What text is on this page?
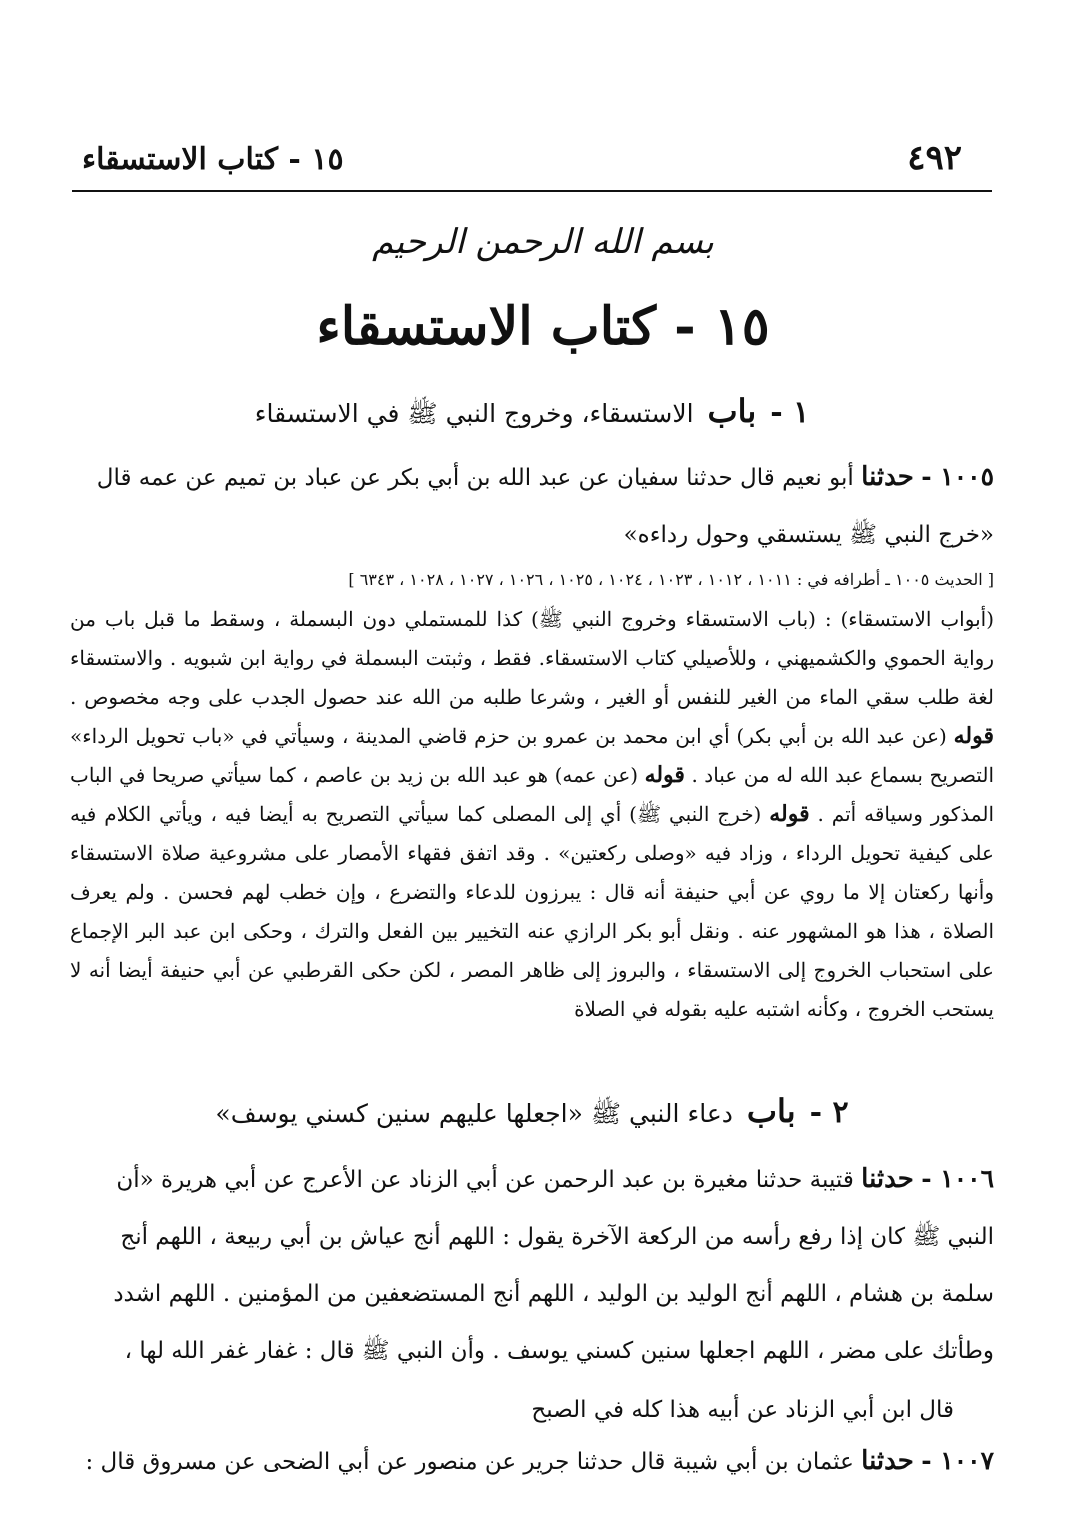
٤٩٢
١٥ - كتاب الاستسقاء
بسم الله الرحمن الرحيم
١٥ - كتاب الاستسقاء
١ - باب الاستسقاء، وخروج النبي ﷺ في الاستسقاء
١٠٠٥ - حدثنا أبو نعيم قال حدثنا سفيان عن عبد الله بن أبي بكر عن عباد بن تميم عن عمه قال «خرج النبي ﷺ يستسقي وحول رداءه»
[ الحديث ١٠٠٥ ـ أطرافه في : ١٠١١ ، ١٠١٢ ، ١٠٢٣ ، ١٠٢٤ ، ١٠٢٥ ، ١٠٢٦ ، ١٠٢٧ ، ١٠٢٨ ، ٦٣٤٣ ]
(أبواب الاستسقاء) : (باب الاستسقاء وخروج النبي ﷺ) كذا للمستملي دون البسملة ، وسقط ما قبل باب من رواية الحموي والكشميهني ، وللأصيلي كتاب الاستسقاء. فقط ، وثبتت البسملة في رواية ابن شبويه . والاستسقاء لغة طلب سقي الماء من الغير للنفس أو الغير ، وشرعا طلبه من الله عند حصول الجدب على وجه مخصوص . قوله (عن عبد الله بن أبي بكر) أي ابن محمد بن عمرو بن حزم قاضي المدينة ، وسيأتي في «باب تحويل الرداء» التصريح بسماع عبد الله له من عباد . قوله (عن عمه) هو عبد الله بن زيد بن عاصم ، كما سيأتي صريحا في الباب المذكور وسياقه أتم . قوله (خرج النبي ﷺ) أي إلى المصلى كما سيأتي التصريح به أيضا فيه ، ويأتي الكلام فيه على كيفية تحويل الرداء ، وزاد فيه «وصلى ركعتين» . وقد اتفق فقهاء الأمصار على مشروعية صلاة الاستسقاء وأنها ركعتان إلا ما روي عن أبي حنيفة أنه قال : يبرزون للدعاء والتضرع ، وإن خطب لهم فحسن . ولم يعرف الصلاة ، هذا هو المشهور عنه . ونقل أبو بكر الرازي عنه التخيير بين الفعل والترك ، وحكى ابن عبد البر الإجماع على استحباب الخروج إلى الاستسقاء ، والبروز إلى ظاهر المصر ، لكن حكى القرطبي عن أبي حنيفة أيضا أنه لا يستحب الخروج ، وكأنه اشتبه عليه بقوله في الصلاة
٢ - باب دعاء النبي ﷺ «اجعلها عليهم سنين كسني يوسف»
١٠٠٦ - حدثنا قتيبة حدثنا مغيرة بن عبد الرحمن عن أبي الزناد عن الأعرج عن أبي هريرة «أن النبي ﷺ كان إذا رفع رأسه من الركعة الآخرة يقول : اللهم أنج عياش بن أبي ربيعة ، اللهم أنج سلمة بن هشام ، اللهم أنج الوليد بن الوليد ، اللهم أنج المستضعفين من المؤمنين . اللهم اشدد وطأتك على مضر ، اللهم اجعلها سنين كسني يوسف . وأن النبي ﷺ قال : غفار غفر الله لها ،
قال ابن أبي الزناد عن أبيه هذا كله في الصبح
١٠٠٧ - حدثنا عثمان بن أبي شيبة قال حدثنا جرير عن منصور عن أبي الضحى عن مسروق قال :
